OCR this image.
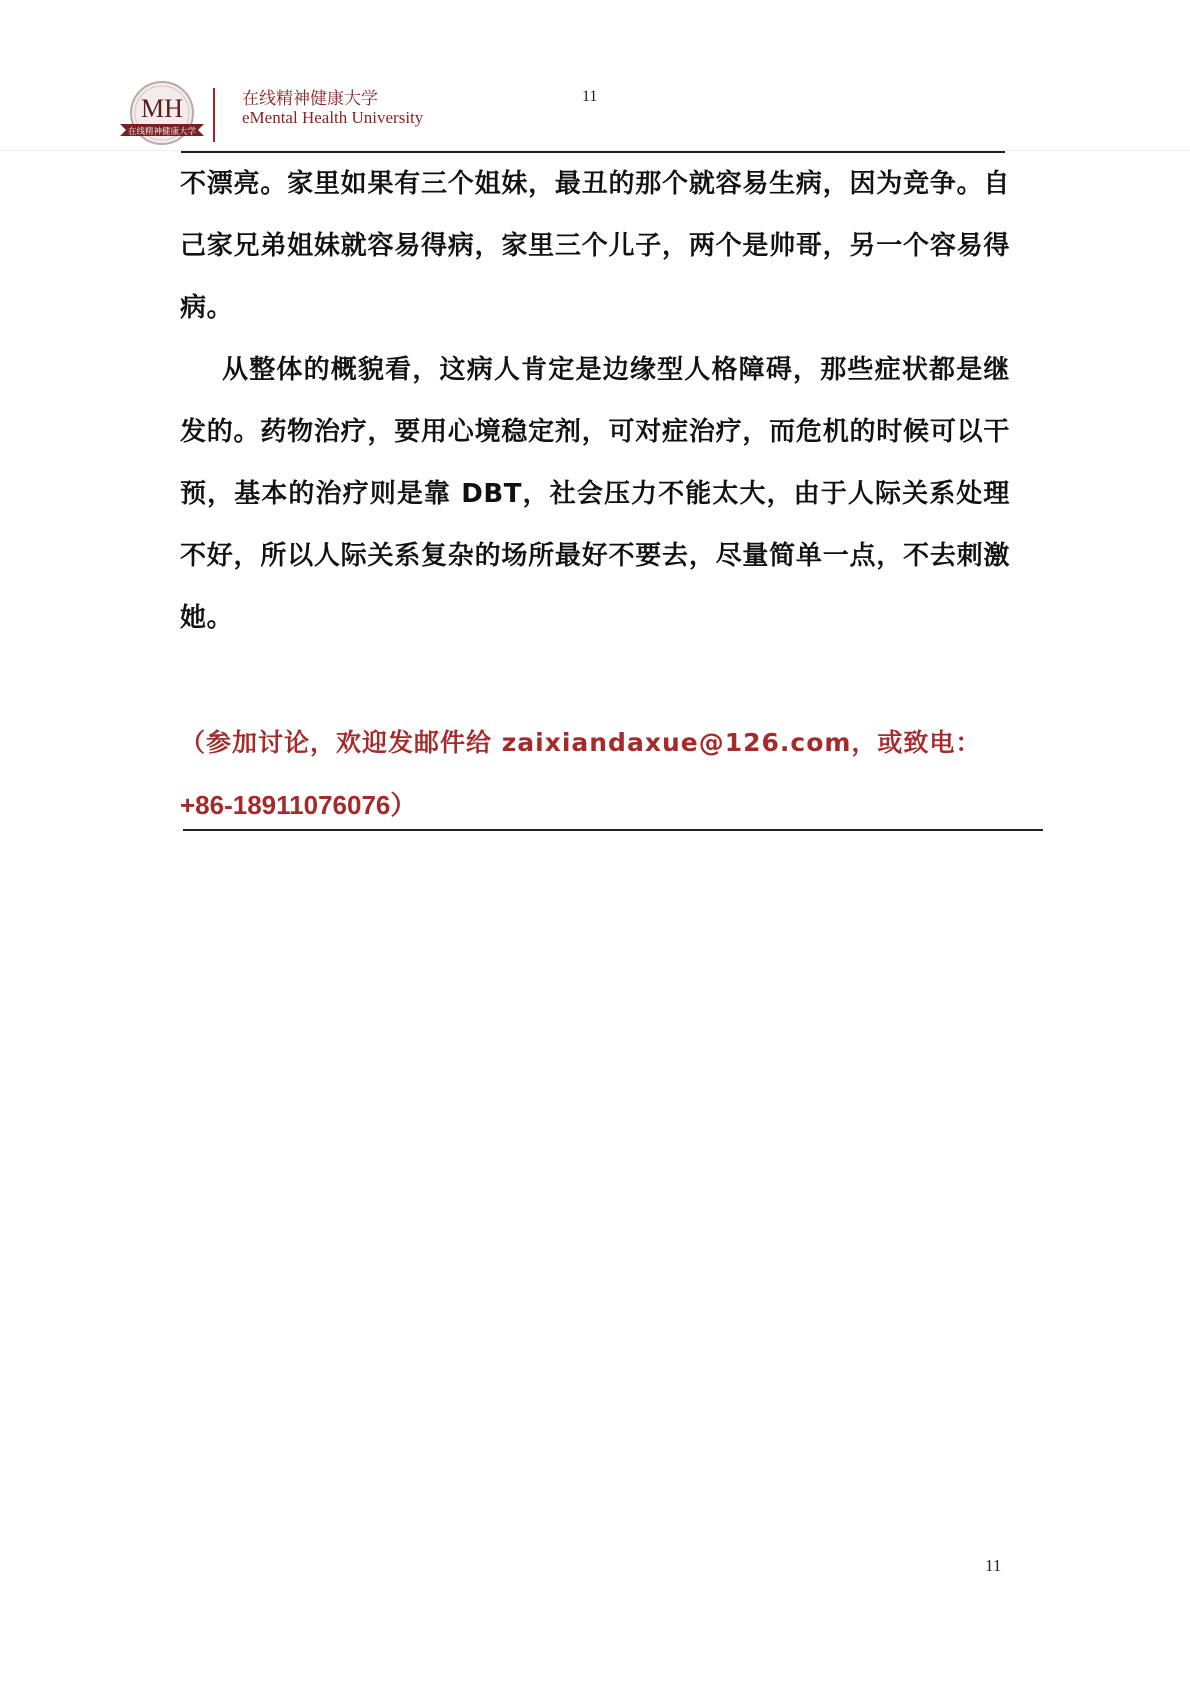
MH
在线精神健康大学
在线精神健康大学
eMental Health University
11

不漂亮。家里如果有三个姐妹，最丑的那个就容易生病，因为竞争。自己家兄弟姐妹就容易得病，家里三个儿子，两个是帅哥，另一个容易得病。

从整体的概貌看，这病人肯定是边缘型人格障碍，那些症状都是继发的。药物治疗，要用心境稳定剂，可对症治疗，而危机的时候可以干预，基本的治疗则是靠 DBT，社会压力不能太大，由于人际关系处理不好，所以人际关系复杂的场所最好不要去，尽量简单一点，不去刺激她。

（参加讨论，欢迎发邮件给 zaixiandaxue@126.com，或致电：
+86-18911076076）
11
